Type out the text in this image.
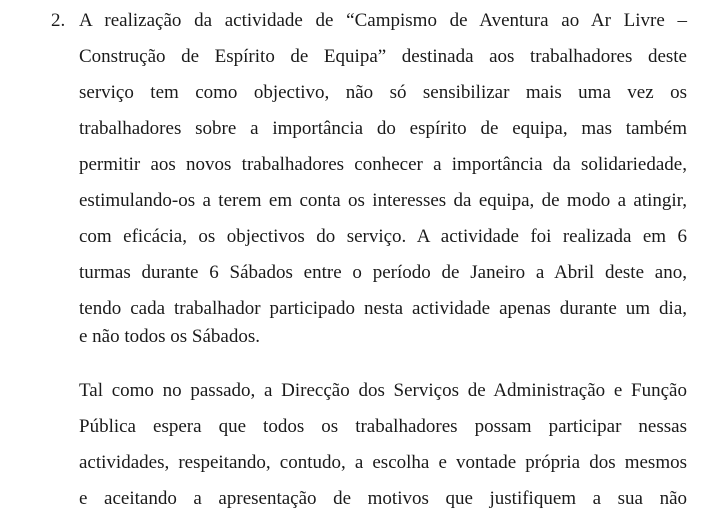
2. A realização da actividade de “Campismo de Aventura ao Ar Livre –
Construção de Espírito de Equipa” destinada aos trabalhadores deste
serviço tem como objectivo, não só sensibilizar mais uma vez os
trabalhadores sobre a importância do espírito de equipa, mas também
permitir aos novos trabalhadores conhecer a importância da solidariedade,
estimulando-os a terem em conta os interesses da equipa, de modo a atingir,
com eficácia, os objectivos do serviço. A actividade foi realizada em 6
turmas durante 6 Sábados entre o período de Janeiro a Abril deste ano,
tendo cada trabalhador participado nesta actividade apenas durante um dia,
e não todos os Sábados.
Tal como no passado, a Direcção dos Serviços de Administração e Função
Pública espera que todos os trabalhadores possam participar nessas
actividades, respeitando, contudo, a escolha e vontade própria dos mesmos
e aceitando a apresentação de motivos que justifiquem a sua não
